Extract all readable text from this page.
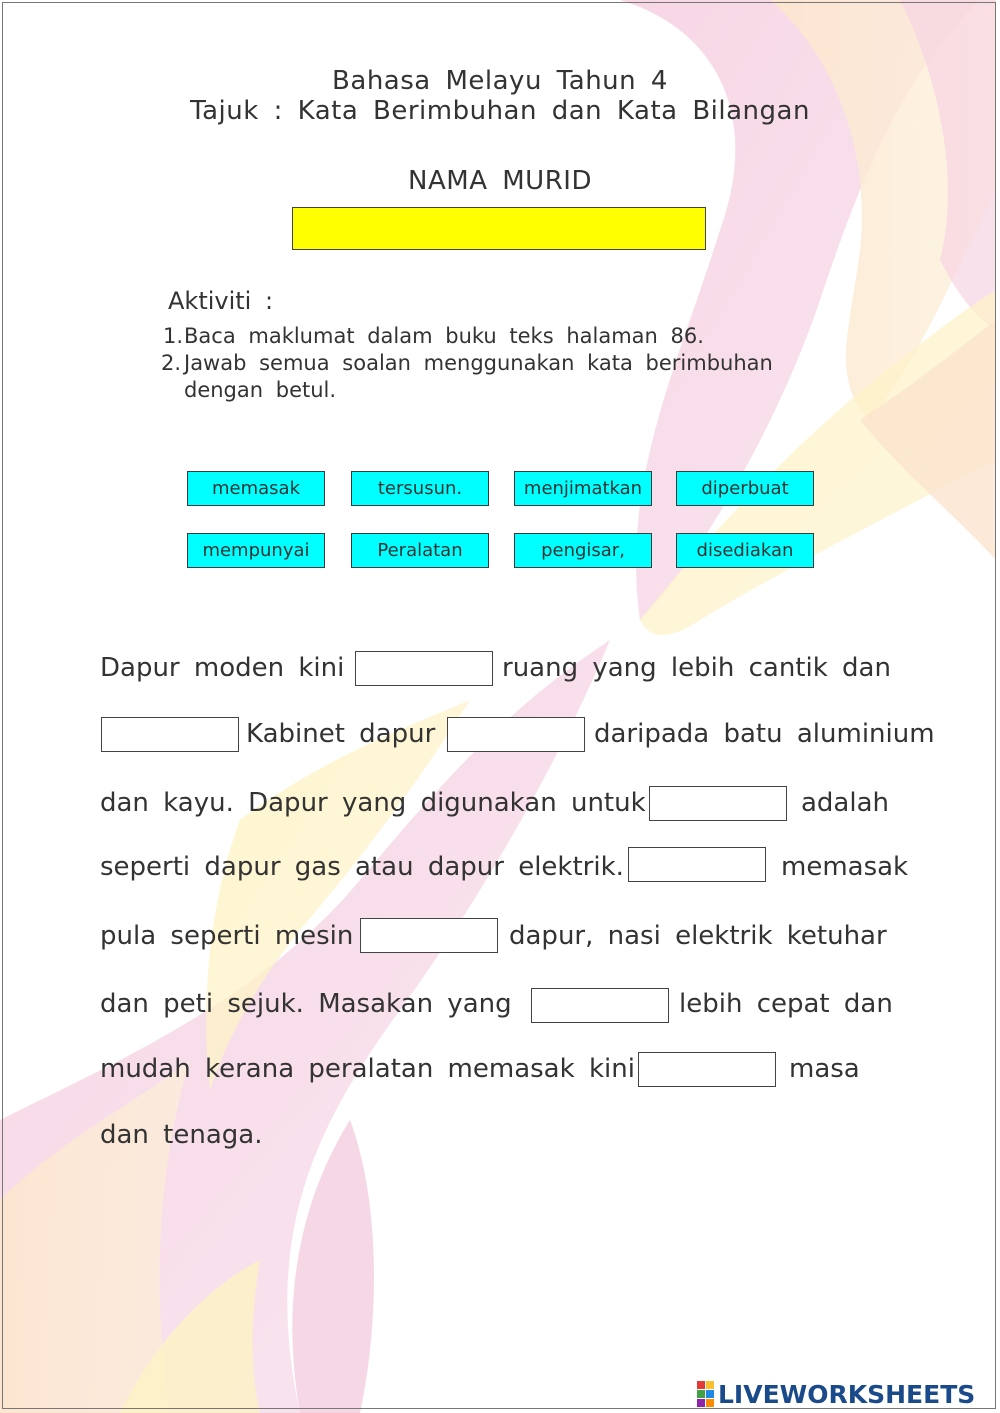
Bahasa Melayu Tahun 4
Tajuk : Kata Berimbuhan dan Kata Bilangan
NAMA MURID
Aktiviti :
1. Baca maklumat dalam buku teks halaman 86.
2. Jawab semua soalan menggunakan kata berimbuhan
dengan betul.
memasak	tersusun.	menjimatkan	diperbuat
mempunyai	Peralatan	pengisar,	disediakan
Dapur moden kini	ruang yang lebih cantik dan
Kabinet dapur	daripada batu aluminium
dan kayu. Dapur yang digunakan untuk	adalah
seperti dapur gas atau dapur elektrik.	memasak
pula seperti mesin	dapur, nasi elektrik ketuhar
dan peti sejuk. Masakan yang	lebih cepat dan
mudah kerana peralatan memasak kini	masa
dan tenaga.
LIVEWORKSHEETS
